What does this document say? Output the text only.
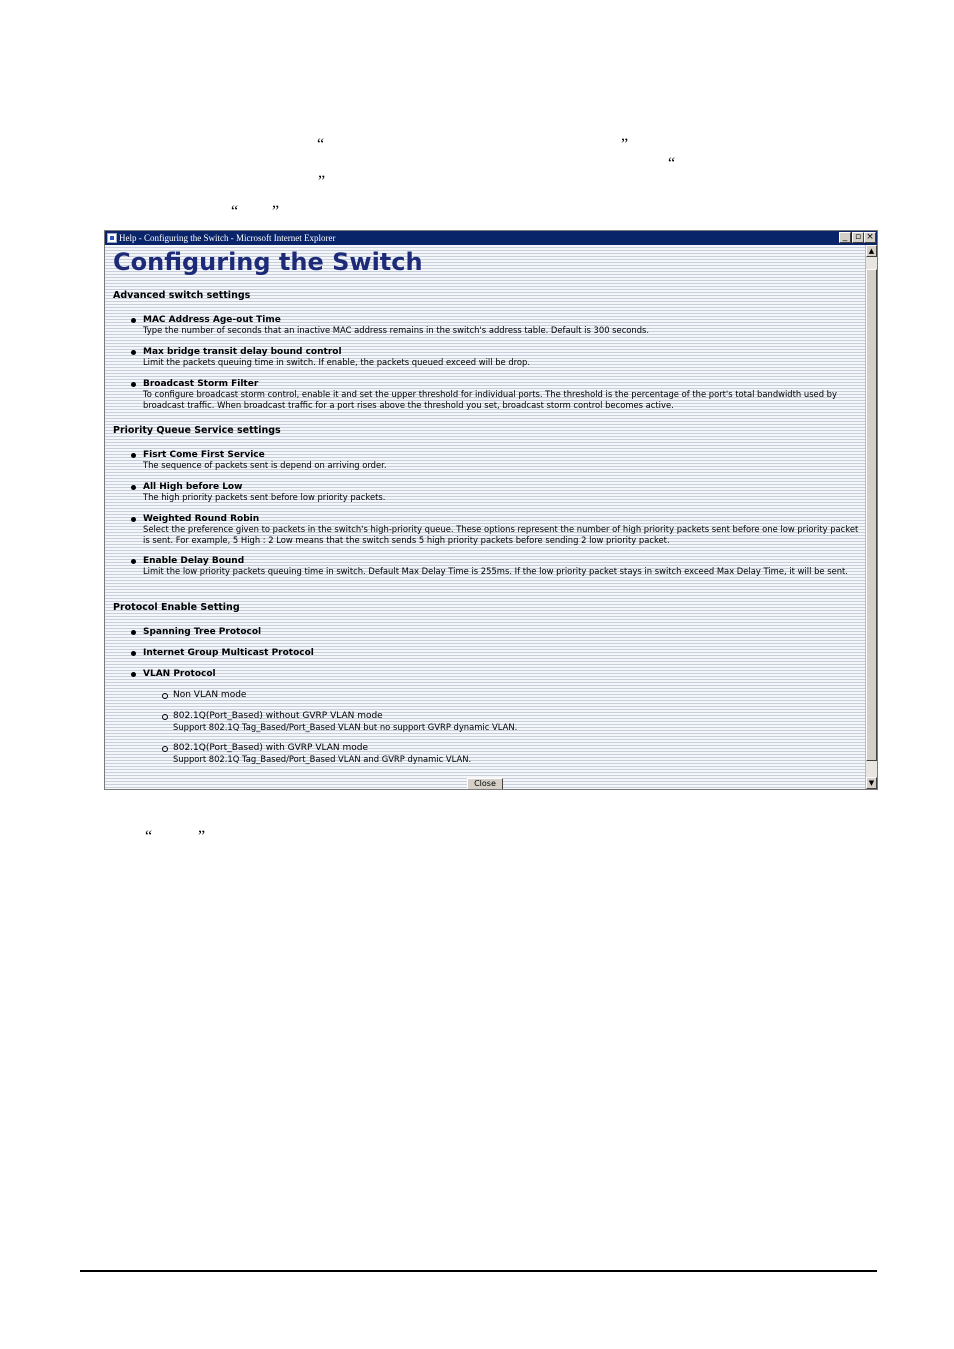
“	”
“
”
“ ”
Help - Configuring the Switch - Microsoft Internet Explorer	_ ▫ ×
Configuring the Switch
Advanced switch settings
MAC Address Age-out Time
Type the number of seconds that an inactive MAC address remains in the switch's address table. Default is 300 seconds.
Max bridge transit delay bound control
Limit the packets queuing time in switch. If enable, the packets queued exceed will be drop.
Broadcast Storm Filter
To configure broadcast storm control, enable it and set the upper threshold for individual ports. The threshold is the percentage of the port's total bandwidth used by broadcast traffic. When broadcast traffic for a port rises above the threshold you set, broadcast storm control becomes active.
Priority Queue Service settings
Fisrt Come First Service
The sequence of packets sent is depend on arriving order.
All High before Low
The high priority packets sent before low priority packets.
Weighted Round Robin
Select the preference given to packets in the switch's high-priority queue. These options represent the number of high priority packets sent before one low priority packet is sent. For example, 5 High : 2 Low means that the switch sends 5 high priority packets before sending 2 low priority packet.
Enable Delay Bound
Limit the low priority packets queuing time in switch. Default Max Delay Time is 255ms. If the low priority packet stays in switch exceed Max Delay Time, it will be sent.
Protocol Enable Setting
Spanning Tree Protocol
Internet Group Multicast Protocol
VLAN Protocol
Non VLAN mode
802.1Q(Port_Based) without GVRP VLAN mode
Support 802.1Q Tag_Based/Port_Based VLAN but no support GVRP dynamic VLAN.
802.1Q(Port_Based) with GVRP VLAN mode
Support 802.1Q Tag_Based/Port_Based VLAN and GVRP dynamic VLAN.
Close
▲
▼
“	”
